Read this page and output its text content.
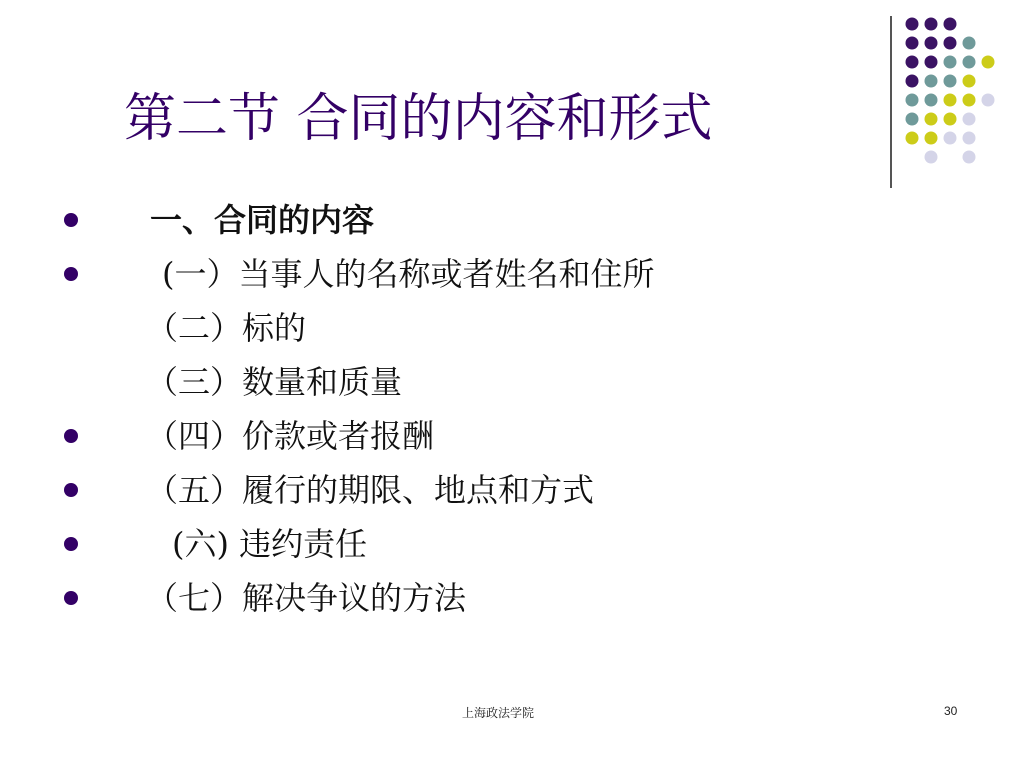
第二节 合同的内容和形式
一、合同的内容
(一）当事人的名称或者姓名和住所
（二）标的
（三）数量和质量
（四）价款或者报酬
（五）履行的期限、地点和方式
(六) 违约责任
（七）解决争议的方法
上海政法学院	30
